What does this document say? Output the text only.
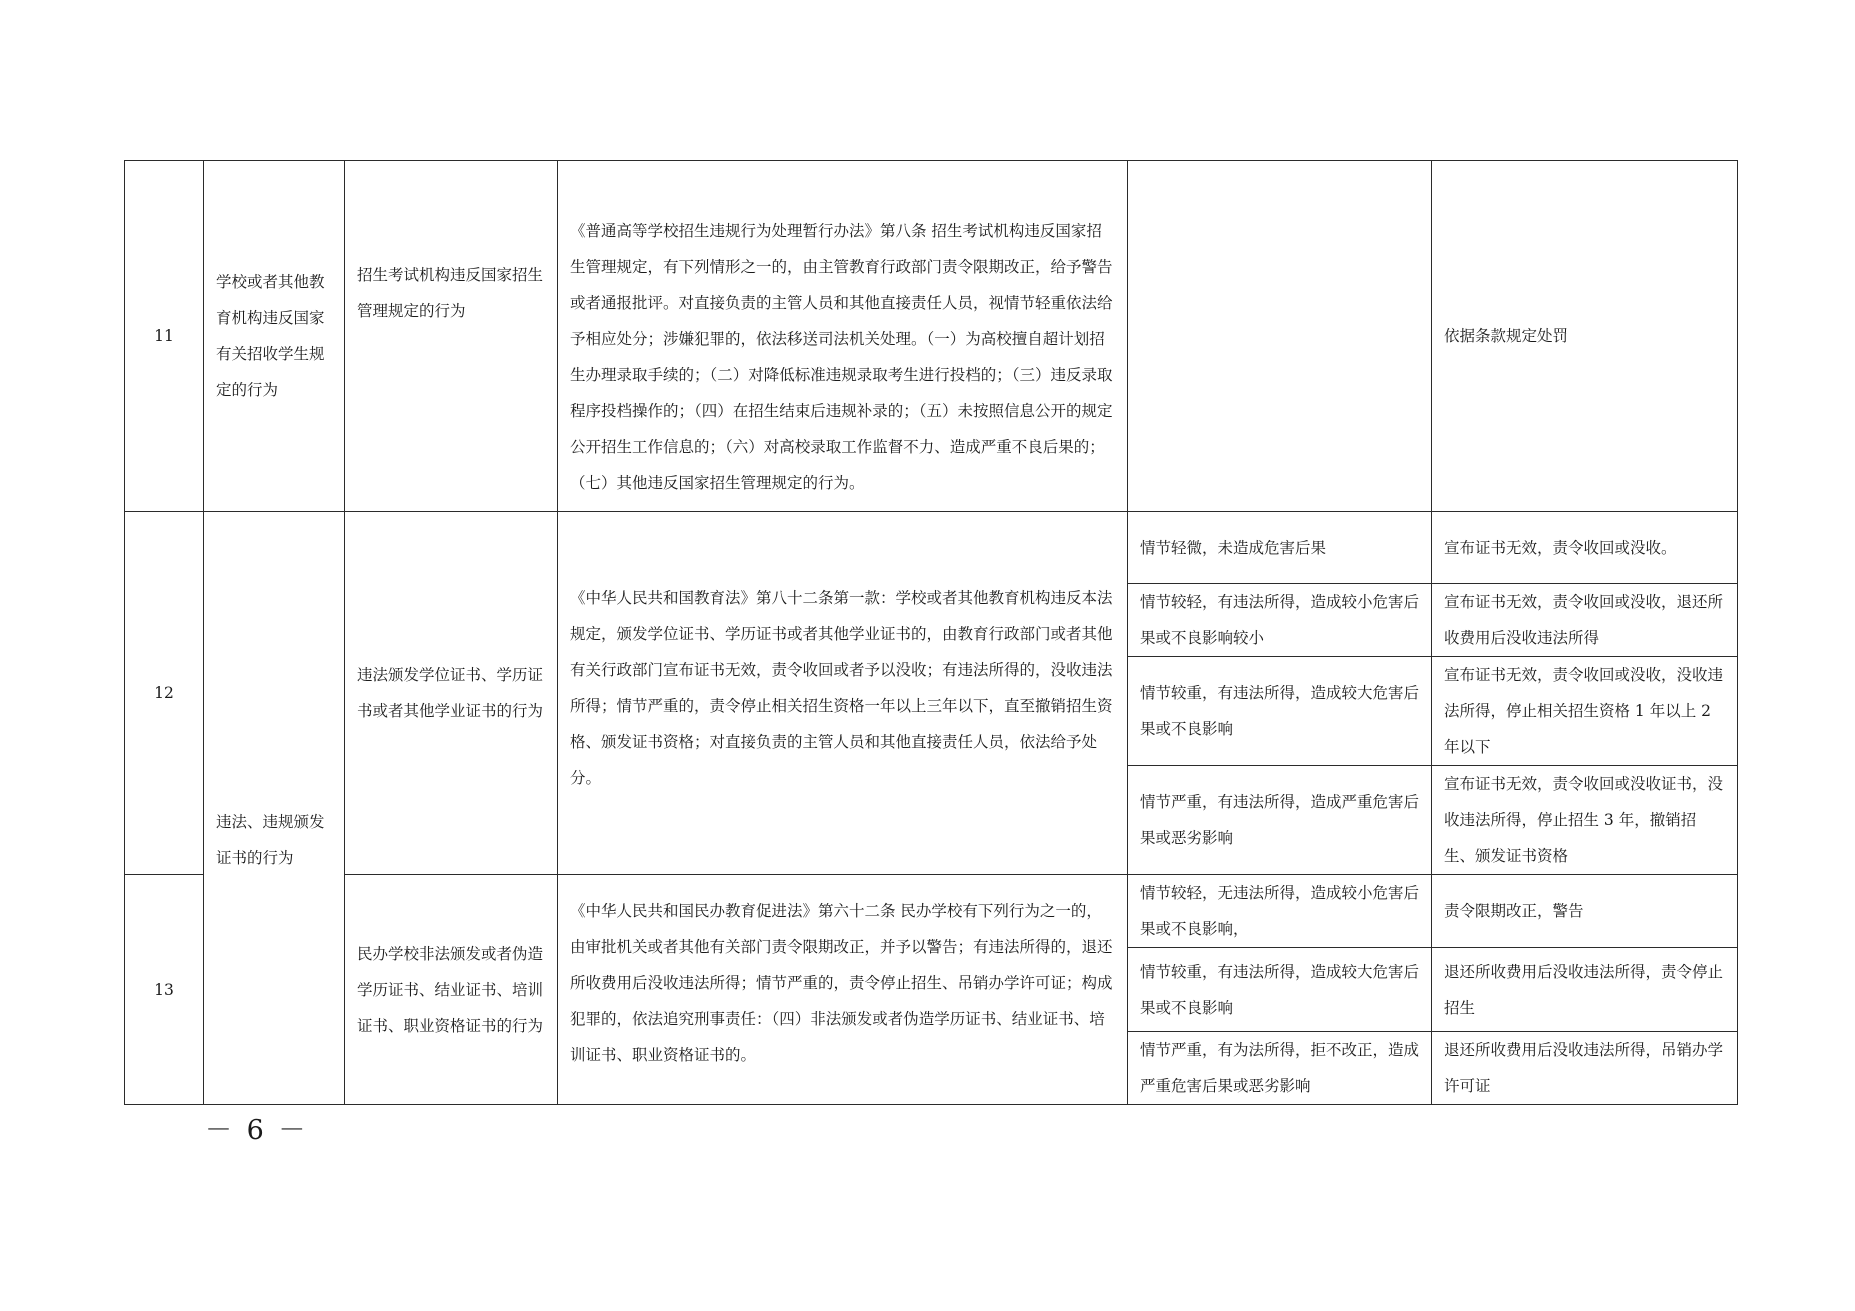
11	学校或者其他教育机构违反国家有关招收学生规定的行为	招生考试机构违反国家招生管理规定的行为	《普通高等学校招生违规行为处理暂行办法》第八条 招生考试机构违反国家招生管理规定，有下列情形之一的，由主管教育行政部门责令限期改正，给予警告或者通报批评。对直接负责的主管人员和其他直接责任人员，视情节轻重依法给予相应处分；涉嫌犯罪的，依法移送司法机关处理。（一）为高校擅自超计划招生办理录取手续的；（二）对降低标准违规录取考生进行投档的；（三）违反录取程序投档操作的；（四）在招生结束后违规补录的；（五）未按照信息公开的规定公开招生工作信息的；（六）对高校录取工作监督不力、造成严重不良后果的；（七）其他违反国家招生管理规定的行为。		依据条款规定处罚

12	违法、违规颁发证书的行为	违法颁发学位证书、学历证书或者其他学业证书的行为	《中华人民共和国教育法》第八十二条第一款：学校或者其他教育机构违反本法规定，颁发学位证书、学历证书或者其他学业证书的，由教育行政部门或者其他有关行政部门宣布证书无效，责令收回或者予以没收；有违法所得的，没收违法所得；情节严重的，责令停止相关招生资格一年以上三年以下，直至撤销招生资格、颁发证书资格；对直接负责的主管人员和其他直接责任人员，依法给予处分。	情节轻微，未造成危害后果	宣布证书无效，责令收回或没收。

				情节较轻，有违法所得，造成较小危害后果或不良影响较小	宣布证书无效，责令收回或没收，退还所收费用后没收违法所得

				情节较重，有违法所得，造成较大危害后果或不良影响	宣布证书无效，责令收回或没收，没收违法所得，停止相关招生资格 1 年以上 2 年以下

				情节严重，有违法所得，造成严重危害后果或恶劣影响	宣布证书无效，责令收回或没收证书，没收违法所得，停止招生 3 年，撤销招生、颁发证书资格

13		民办学校非法颁发或者伪造学历证书、结业证书、培训证书、职业资格证书的行为	《中华人民共和国民办教育促进法》第六十二条 民办学校有下列行为之一的，由审批机关或者其他有关部门责令限期改正，并予以警告；有违法所得的，退还所收费用后没收违法所得；情节严重的，责令停止招生、吊销办学许可证；构成犯罪的，依法追究刑事责任：（四）非法颁发或者伪造学历证书、结业证书、培训证书、职业资格证书的。	情节较轻，无违法所得，造成较小危害后果或不良影响，	责令限期改正，警告

				情节较重，有违法所得，造成较大危害后果或不良影响	退还所收费用后没收违法所得，责令停止招生

				情节严重，有为法所得，拒不改正，造成严重危害后果或恶劣影响	退还所收费用后没收违法所得，吊销办学许可证
－ 6 －
